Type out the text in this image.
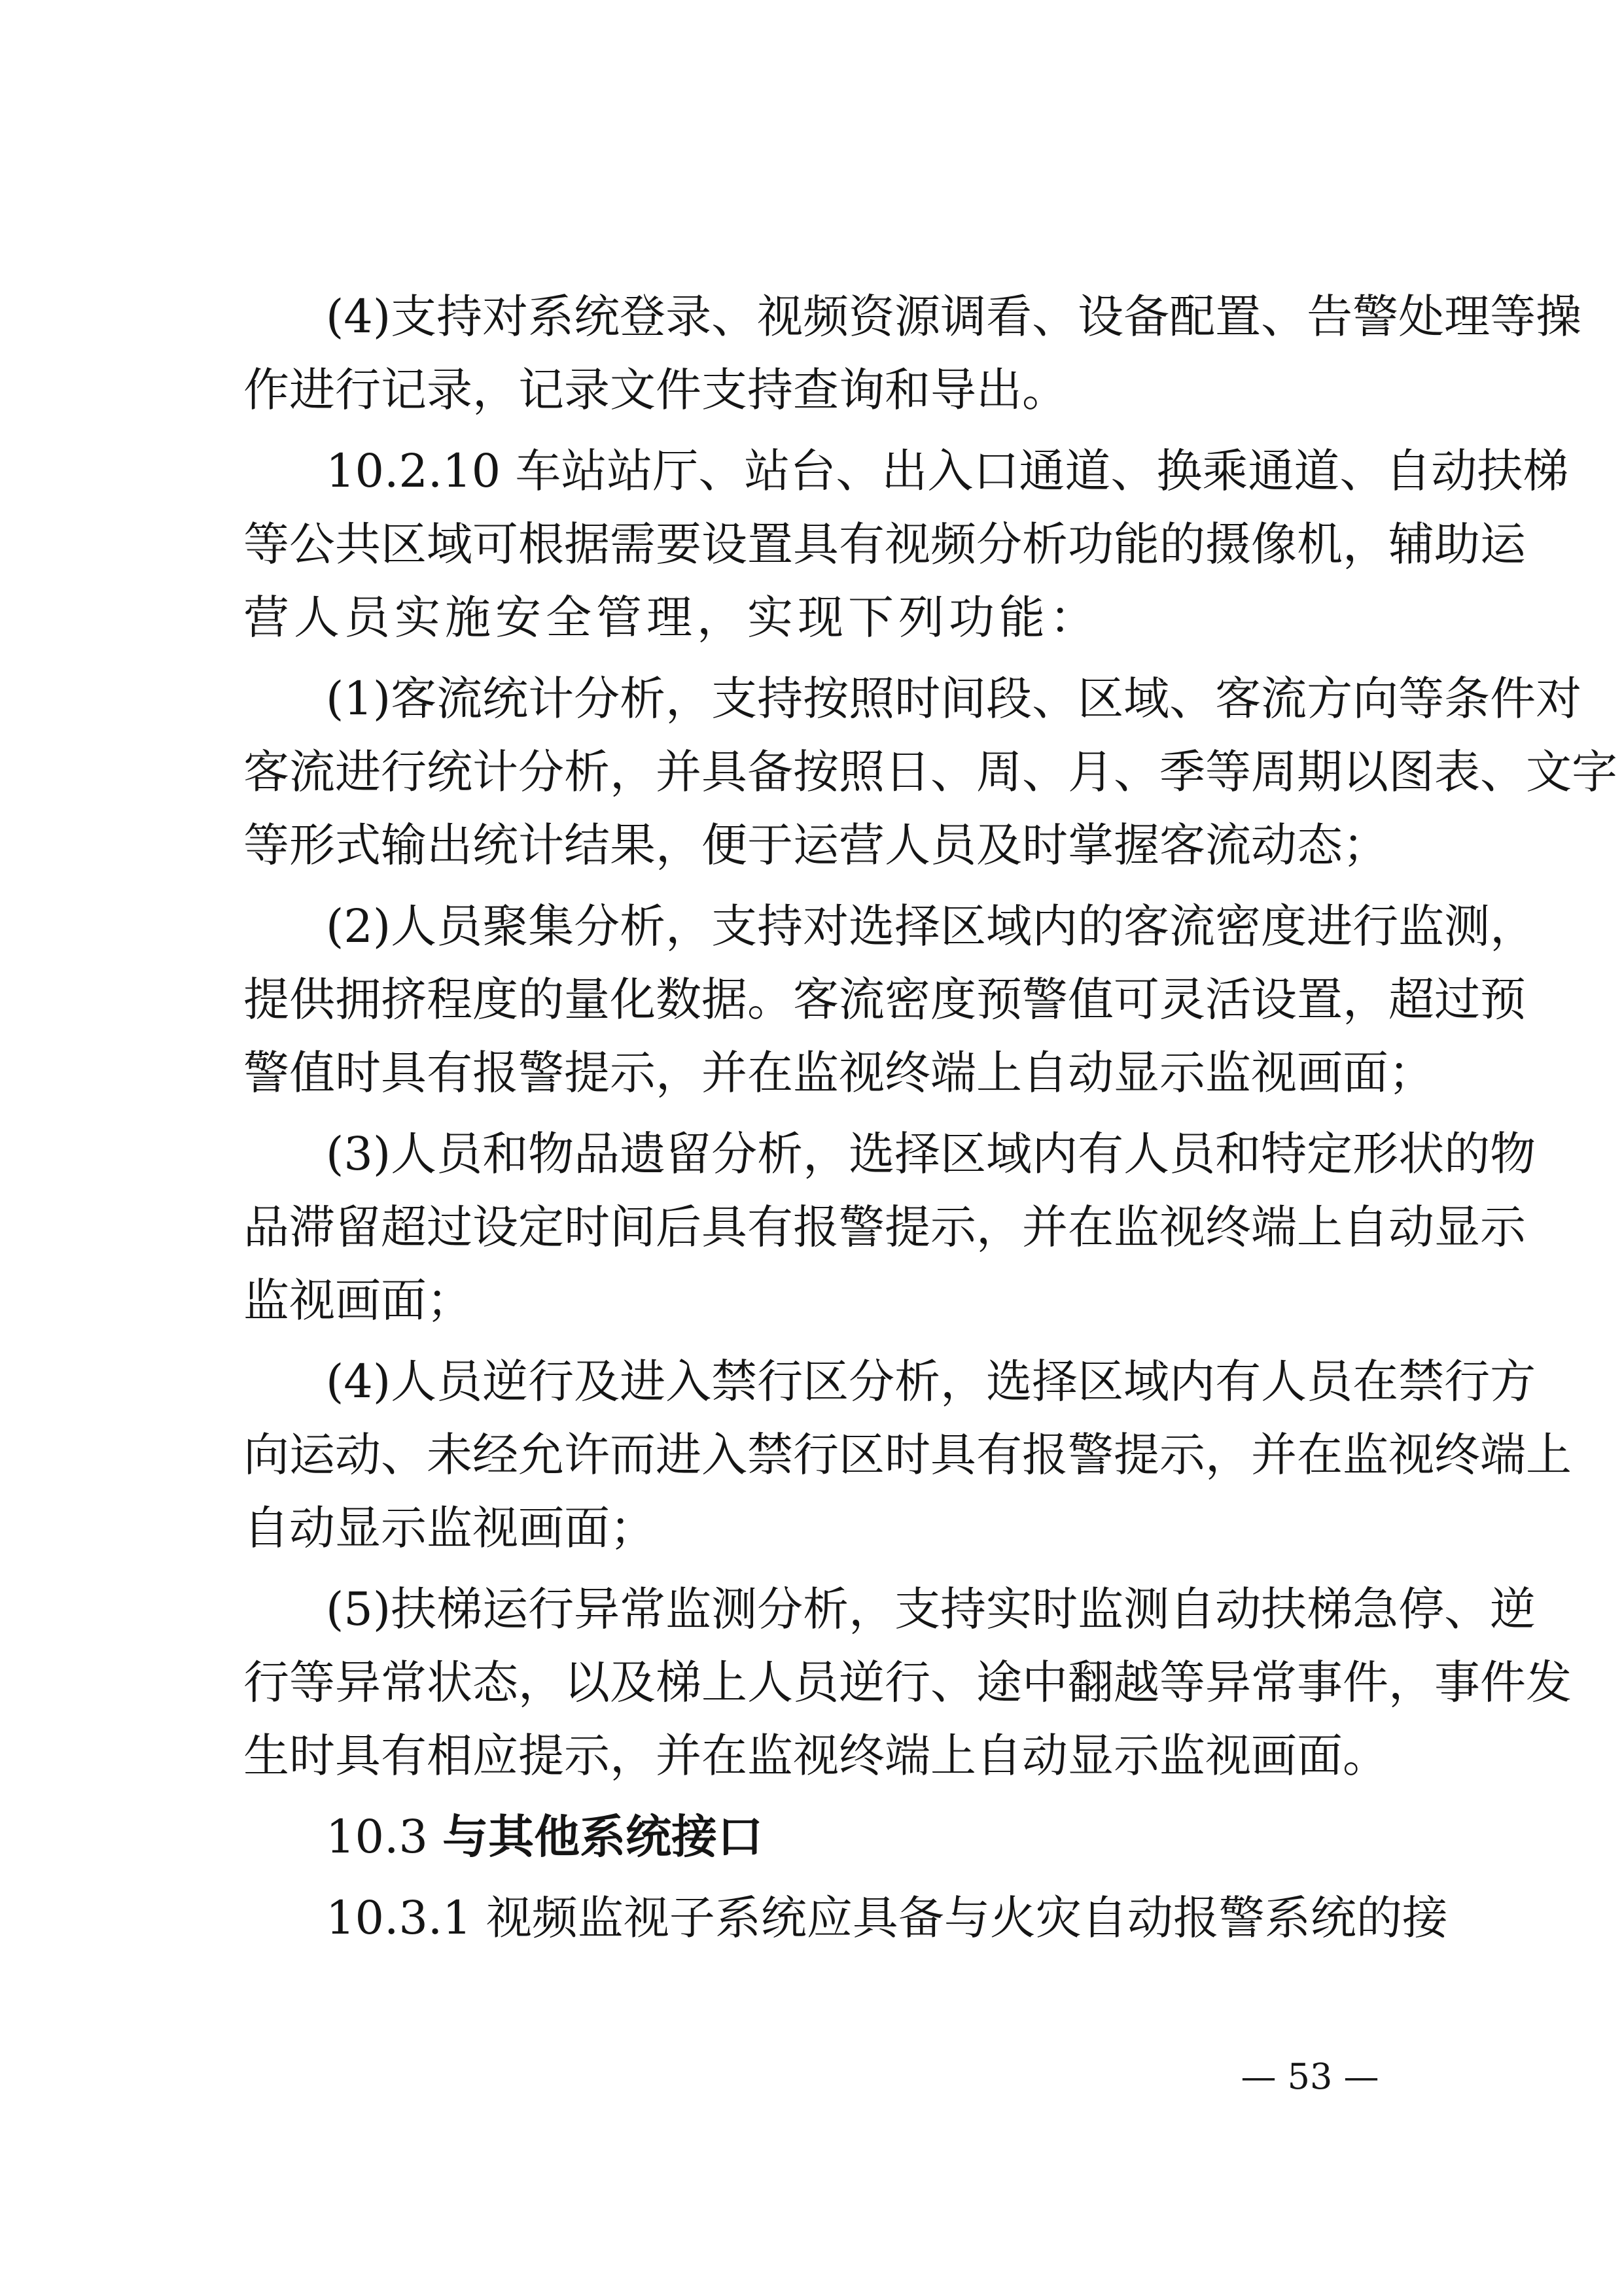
(4)支持对系统登录、视频资源调看、设备配置、告警处理等操
作进行记录，记录文件支持查询和导出。
10.2.10 车站站厅、站台、出入口通道、换乘通道、自动扶梯
等公共区域可根据需要设置具有视频分析功能的摄像机，辅助运
营人员实施安全管理，实现下列功能：
(1)客流统计分析，支持按照时间段、区域、客流方向等条件对
客流进行统计分析，并具备按照日、周、月、季等周期以图表、文字
等形式输出统计结果，便于运营人员及时掌握客流动态；
(2)人员聚集分析，支持对选择区域内的客流密度进行监测，
提供拥挤程度的量化数据。客流密度预警值可灵活设置，超过预
警值时具有报警提示，并在监视终端上自动显示监视画面；
(3)人员和物品遗留分析，选择区域内有人员和特定形状的物
品滞留超过设定时间后具有报警提示，并在监视终端上自动显示
监视画面；
(4)人员逆行及进入禁行区分析，选择区域内有人员在禁行方
向运动、未经允许而进入禁行区时具有报警提示，并在监视终端上
自动显示监视画面；
(5)扶梯运行异常监测分析，支持实时监测自动扶梯急停、逆
行等异常状态，以及梯上人员逆行、途中翻越等异常事件，事件发
生时具有相应提示，并在监视终端上自动显示监视画面。
10.3 与其他系统接口
10.3.1 视频监视子系统应具备与火灾自动报警系统的接
— 53 —
